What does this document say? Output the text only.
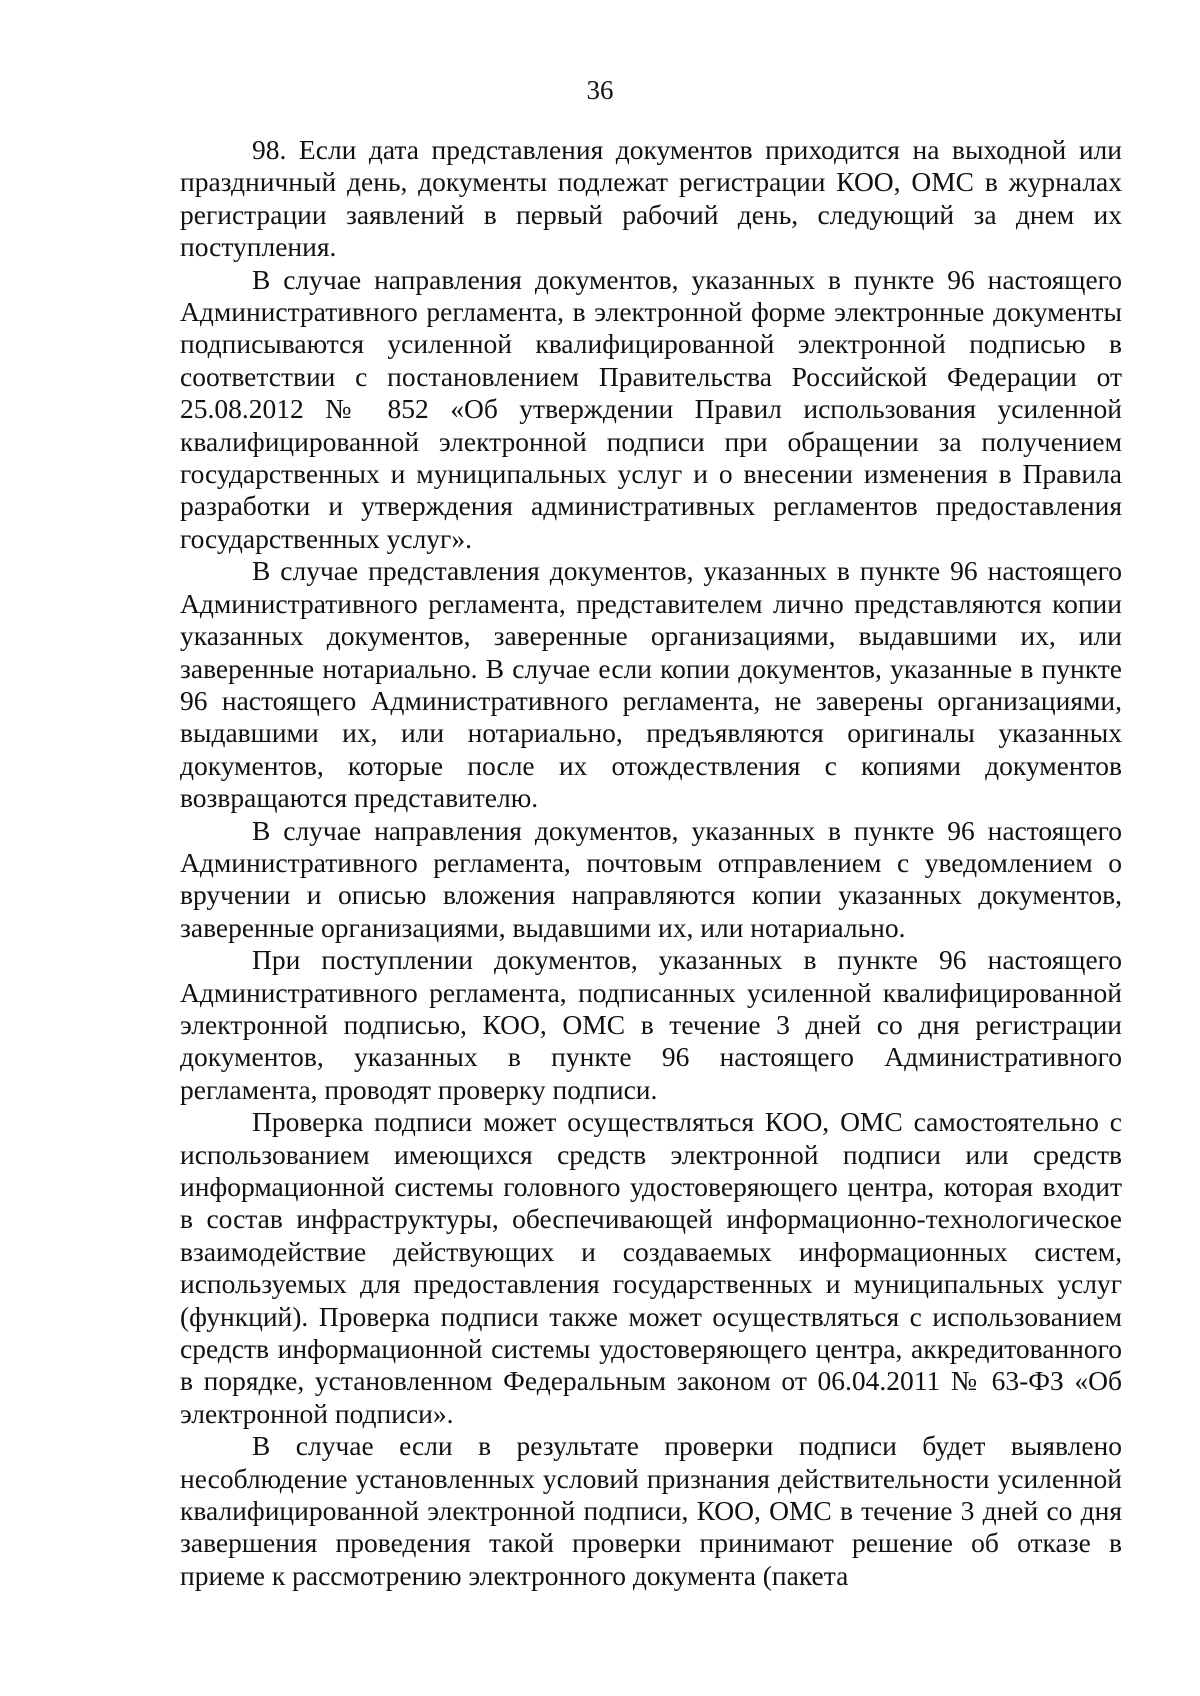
36

98. Если дата представления документов приходится на выходной или праздничный день, документы подлежат регистрации КОО, ОМС в журналах регистрации заявлений в первый рабочий день, следующий за днем их поступления.

В случае направления документов, указанных в пункте 96 настоящего Административного регламента, в электронной форме электронные документы подписываются усиленной квалифицированной электронной подписью в соответствии с постановлением Правительства Российской Федерации от 25.08.2012 № 852 «Об утверждении Правил использования усиленной квалифицированной электронной подписи при обращении за получением государственных и муниципальных услуг и о внесении изменения в Правила разработки и утверждения административных регламентов предоставления государственных услуг».

В случае представления документов, указанных в пункте 96 настоящего Административного регламента, представителем лично представляются копии указанных документов, заверенные организациями, выдавшими их, или заверенные нотариально. В случае если копии документов, указанные в пункте 96 настоящего Административного регламента, не заверены организациями, выдавшими их, или нотариально, предъявляются оригиналы указанных документов, которые после их отождествления с копиями документов возвращаются представителю.

В случае направления документов, указанных в пункте 96 настоящего Административного регламента, почтовым отправлением с уведомлением о вручении и описью вложения направляются копии указанных документов, заверенные организациями, выдавшими их, или нотариально.

При поступлении документов, указанных в пункте 96 настоящего Административного регламента, подписанных усиленной квалифицированной электронной подписью, КОО, ОМС в течение 3 дней со дня регистрации документов, указанных в пункте 96 настоящего Административного регламента, проводят проверку подписи.

Проверка подписи может осуществляться КОО, ОМС самостоятельно с использованием имеющихся средств электронной подписи или средств информационной системы головного удостоверяющего центра, которая входит в состав инфраструктуры, обеспечивающей информационно-технологическое взаимодействие действующих и создаваемых информационных систем, используемых для предоставления государственных и муниципальных услуг (функций). Проверка подписи также может осуществляться с использованием средств информационной системы удостоверяющего центра, аккредитованного в порядке, установленном Федеральным законом от 06.04.2011 № 63-ФЗ «Об электронной подписи».

В случае если в результате проверки подписи будет выявлено несоблюдение установленных условий признания действительности усиленной квалифицированной электронной подписи, КОО, ОМС в течение 3 дней со дня завершения проведения такой проверки принимают решение об отказе в приеме к рассмотрению электронного документа (пакета
